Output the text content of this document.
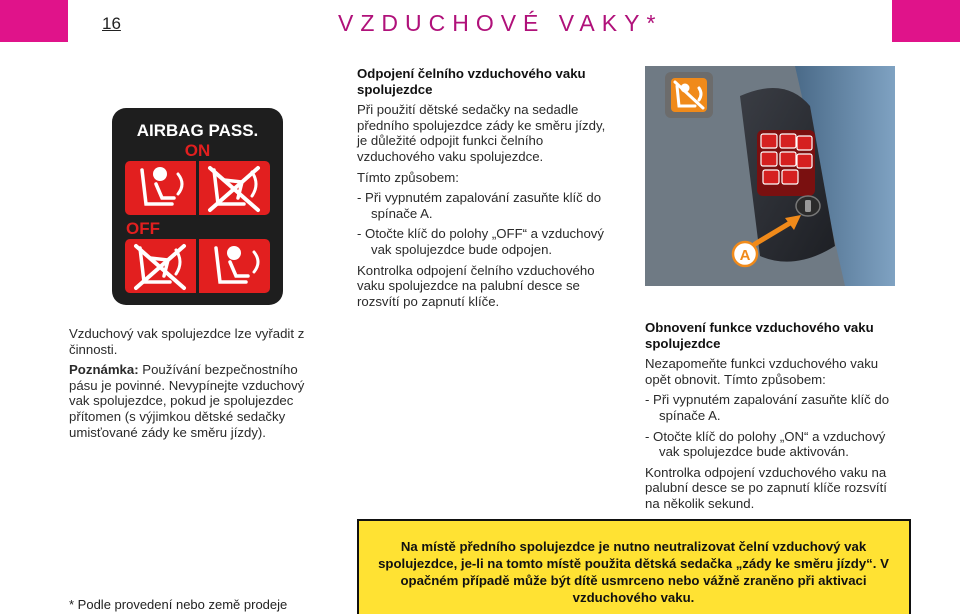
16	VZDUCHOVÉ VAKY*
AIRBAG PASS.
ON
OFF

Odpojení čelního vzduchového vaku spolujezdce

Při použití dětské sedačky na sedadle předního spolujezdce zády ke směru jízdy, je důležité odpojit funkci čelního vzduchového vaku spolujezdce.

Tímto způsobem:

- Při vypnutém zapalování zasuňte klíč do spínače A.

- Otočte klíč do polohy „OFF“ a vzduchový vak spolujezdce bude odpojen.

Kontrolka odpojení čelního vzduchového vaku spolujezdce na palubní desce se rozsvítí po zapnutí klíče.

A

Vzduchový vak spolujezdce lze vyřadit z činnosti.

Poznámka: Používání bezpečnostního pásu je povinné. Nevypínejte vzduchový vak spolujezdce, pokud je spolujezdec přítomen (s výjimkou dětské sedačky umisťované zády ke směru jízdy).

Obnovení funkce vzduchového vaku spolujezdce

Nezapomeňte funkci vzduchového vaku opět obnovit. Tímto způsobem:

- Při vypnutém zapalování zasuňte klíč do spínače A.

- Otočte klíč do polohy „ON“ a vzduchový vak spolujezdce bude aktivován.

Kontrolka odpojení vzduchového vaku na palubní desce se po zapnutí klíče rozsvítí na několik sekund.

Na místě předního spolujezdce je nutno neutralizovat čelní vzduchový vak spolujezdce, je-li na tomto místě použita dětská sedačka „zády ke směru jízdy“. V opačném případě může být dítě usmrceno nebo vážně zraněno při aktivaci vzduchového vaku.
* Podle provedení nebo země prodeje
